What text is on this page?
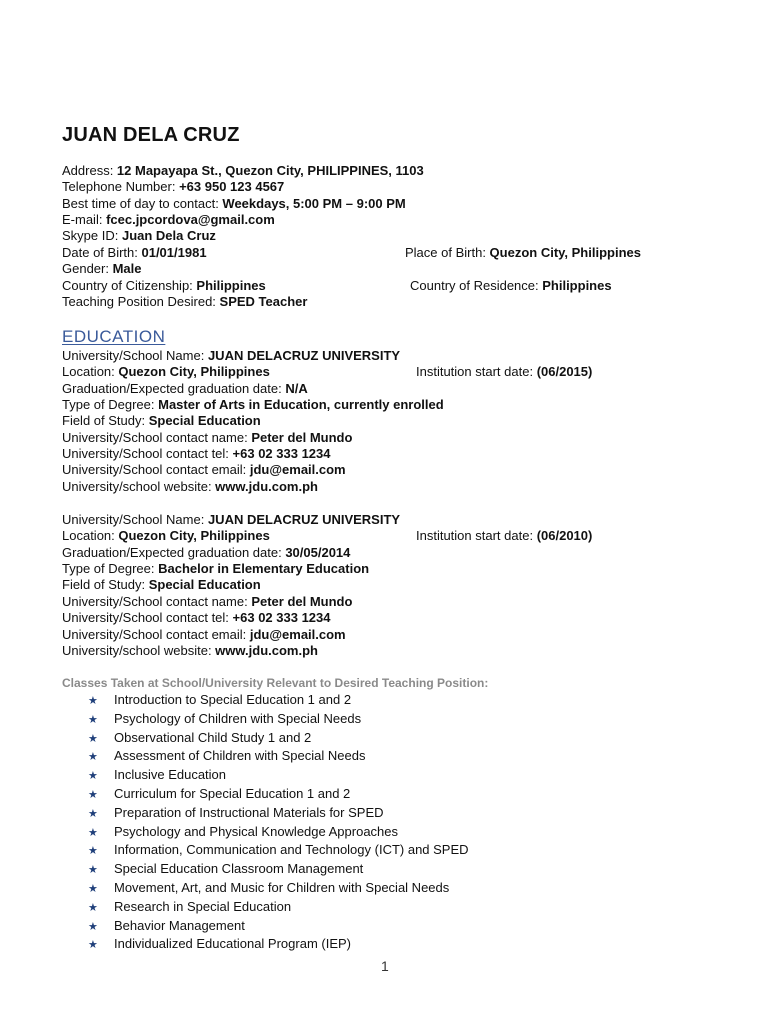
JUAN DELA CRUZ
Address: 12 Mapayapa St., Quezon City, PHILIPPINES, 1103
Telephone Number: +63 950 123 4567
Best time of day to contact: Weekdays, 5:00 PM – 9:00 PM
E-mail: fcec.jpcordova@gmail.com
Skype ID: Juan Dela Cruz
Date of Birth: 01/01/1981	Place of Birth: Quezon City, Philippines
Gender: Male
Country of Citizenship: Philippines	Country of Residence: Philippines
Teaching Position Desired: SPED Teacher
EDUCATION
University/School Name: JUAN DELACRUZ UNIVERSITY
Location: Quezon City, Philippines	Institution start date: (06/2015)
Graduation/Expected graduation date: N/A
Type of Degree: Master of Arts in Education, currently enrolled
Field of Study: Special Education
University/School contact name: Peter del Mundo
University/School contact tel: +63 02 333 1234
University/School contact email: jdu@email.com
University/school website: www.jdu.com.ph
University/School Name: JUAN DELACRUZ UNIVERSITY
Location: Quezon City, Philippines	Institution start date: (06/2010)
Graduation/Expected graduation date: 30/05/2014
Type of Degree: Bachelor in Elementary Education
Field of Study: Special Education
University/School contact name: Peter del Mundo
University/School contact tel: +63 02 333 1234
University/School contact email: jdu@email.com
University/school website: www.jdu.com.ph
Classes Taken at School/University Relevant to Desired Teaching Position:
★ Introduction to Special Education 1 and 2
★ Psychology of Children with Special Needs
★ Observational Child Study 1 and 2
★ Assessment of Children with Special Needs
★ Inclusive Education
★ Curriculum for Special Education 1 and 2
★ Preparation of Instructional Materials for SPED
★ Psychology and Physical Knowledge Approaches
★ Information, Communication and Technology (ICT) and SPED
★ Special Education Classroom Management
★ Movement, Art, and Music for Children with Special Needs
★ Research in Special Education
★ Behavior Management
★ Individualized Educational Program (IEP)
1
